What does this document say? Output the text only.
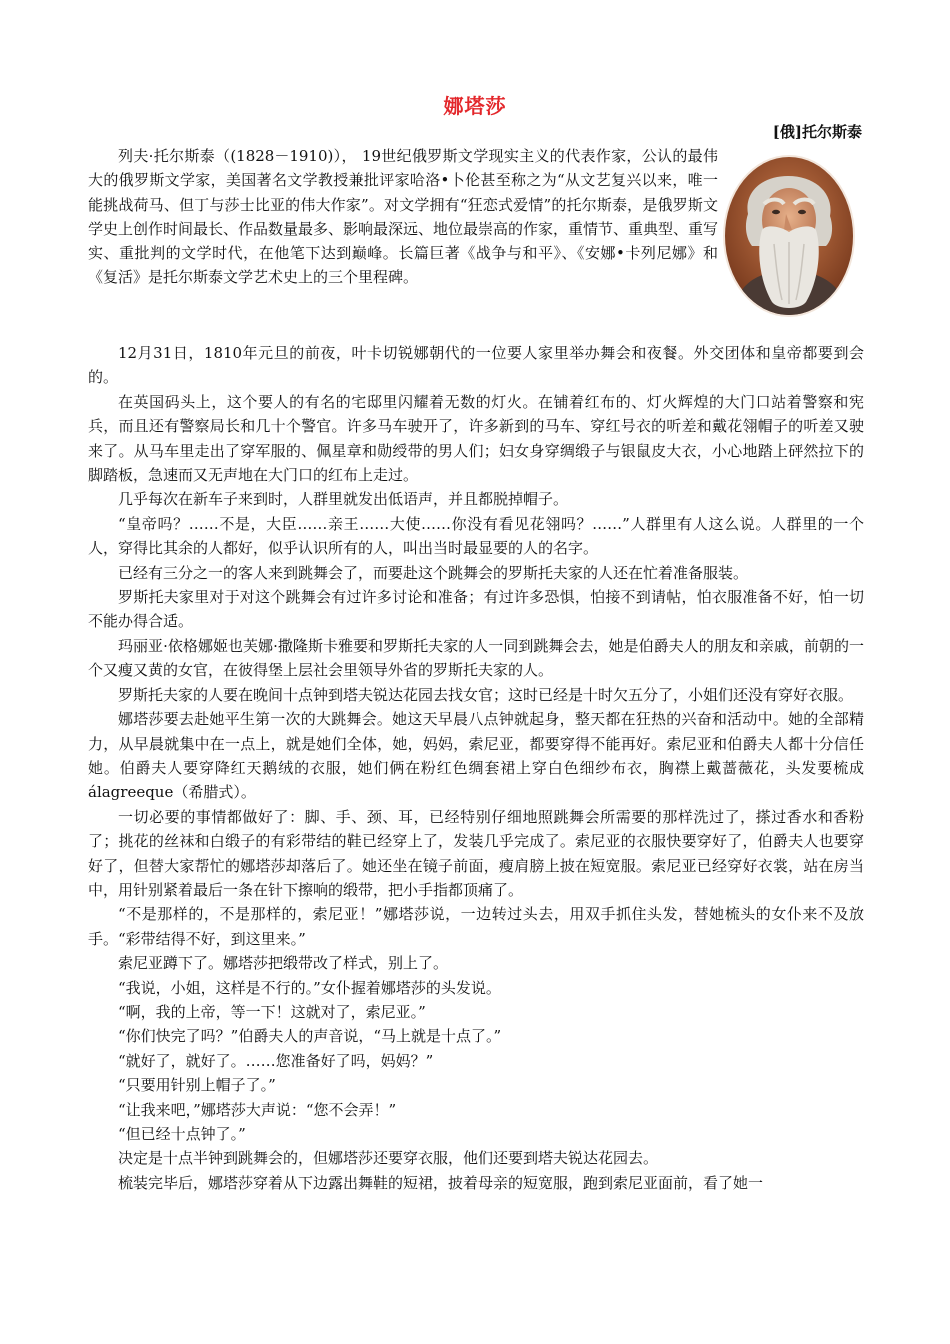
娜塔莎
[俄]托尔斯泰
列夫·托尔斯泰（(1828－1910)）， 19世纪俄罗斯文学现实主义的代表作家，公认的最伟大的俄罗斯文学家，美国著名文学教授兼批评家哈洛•卜伦甚至称之为“从文艺复兴以来，唯一能挑战荷马、但丁与莎士比亚的伟大作家”。对文学拥有“狂恋式爱情”的托尔斯泰，是俄罗斯文学史上创作时间最长、作品数量最多、影响最深远、地位最崇高的作家，重情节、重典型、重写实、重批判的文学时代，在他笔下达到巅峰。长篇巨著《战争与和平》、《安娜•卡列尼娜》和《复活》是托尔斯泰文学艺术史上的三个里程碑。

12月31日，1810年元旦的前夜，叶卡切锐娜朝代的一位要人家里举办舞会和夜餐。外交团体和皇帝都要到会的。

在英国码头上，这个要人的有名的宅邸里闪耀着无数的灯火。在铺着红布的、灯火辉煌的大门口站着警察和宪兵，而且还有警察局长和几十个警官。许多马车驶开了，许多新到的马车、穿红号衣的听差和戴花翎帽子的听差又驶来了。从马车里走出了穿军服的、佩星章和勋绶带的男人们；妇女身穿绸缎子与银鼠皮大衣，小心地踏上砰然拉下的脚踏板，急速而又无声地在大门口的红布上走过。

几乎每次在新车子来到时，人群里就发出低语声，并且都脱掉帽子。

“皇帝吗？……不是，大臣……亲王……大使……你没有看见花翎吗？……”人群里有人这么说。人群里的一个人，穿得比其余的人都好，似乎认识所有的人，叫出当时最显要的人的名字。

已经有三分之一的客人来到跳舞会了，而要赴这个跳舞会的罗斯托夫家的人还在忙着准备服装。

罗斯托夫家里对于对这个跳舞会有过许多讨论和准备；有过许多恐惧，怕接不到请帖，怕衣服准备不好，怕一切不能办得合适。

玛丽亚·依格娜姬也芙娜·撒隆斯卡雅要和罗斯托夫家的人一同到跳舞会去，她是伯爵夫人的朋友和亲戚，前朝的一个又瘦又黄的女官，在彼得堡上层社会里领导外省的罗斯托夫家的人。

罗斯托夫家的人要在晚间十点钟到塔夫锐达花园去找女官；这时已经是十时欠五分了，小姐们还没有穿好衣服。

娜塔莎要去赴她平生第一次的大跳舞会。她这天早晨八点钟就起身，整天都在狂热的兴奋和活动中。她的全部精力，从早晨就集中在一点上，就是她们全体，她，妈妈，索尼亚，都要穿得不能再好。索尼亚和伯爵夫人都十分信任她。伯爵夫人要穿降红天鹅绒的衣服，她们俩在粉红色绸套裙上穿白色细纱布衣，胸襟上戴蔷薇花，头发要梳成álagreeque（希腊式）。

一切必要的事情都做好了：脚、手、颈、耳，已经特别仔细地照跳舞会所需要的那样洗过了，搽过香水和香粉了；挑花的丝袜和白缎子的有彩带结的鞋已经穿上了，发装几乎完成了。索尼亚的衣服快要穿好了，伯爵夫人也要穿好了，但替大家帮忙的娜塔莎却落后了。她还坐在镜子前面，瘦肩膀上披在短宽服。索尼亚已经穿好衣裳，站在房当中，用针别紧着最后一条在针下擦响的缎带，把小手指都顶痛了。

“不是那样的，不是那样的，索尼亚！”娜塔莎说，一边转过头去，用双手抓住头发，替她梳头的女仆来不及放手。“彩带结得不好，到这里来。”

索尼亚蹲下了。娜塔莎把缎带改了样式，别上了。

“我说，小姐，这样是不行的。”女仆握着娜塔莎的头发说。

“啊，我的上帝，等一下！这就对了，索尼亚。”

“你们快完了吗？”伯爵夫人的声音说，“马上就是十点了。”

“就好了，就好了。……您准备好了吗，妈妈？”

“只要用针别上帽子了。”

“让我来吧，”娜塔莎大声说：“您不会弄！”

“但已经十点钟了。”

决定是十点半钟到跳舞会的，但娜塔莎还要穿衣服，他们还要到塔夫锐达花园去。

梳装完毕后，娜塔莎穿着从下边露出舞鞋的短裙，披着母亲的短宽服，跑到索尼亚面前，看了她一
